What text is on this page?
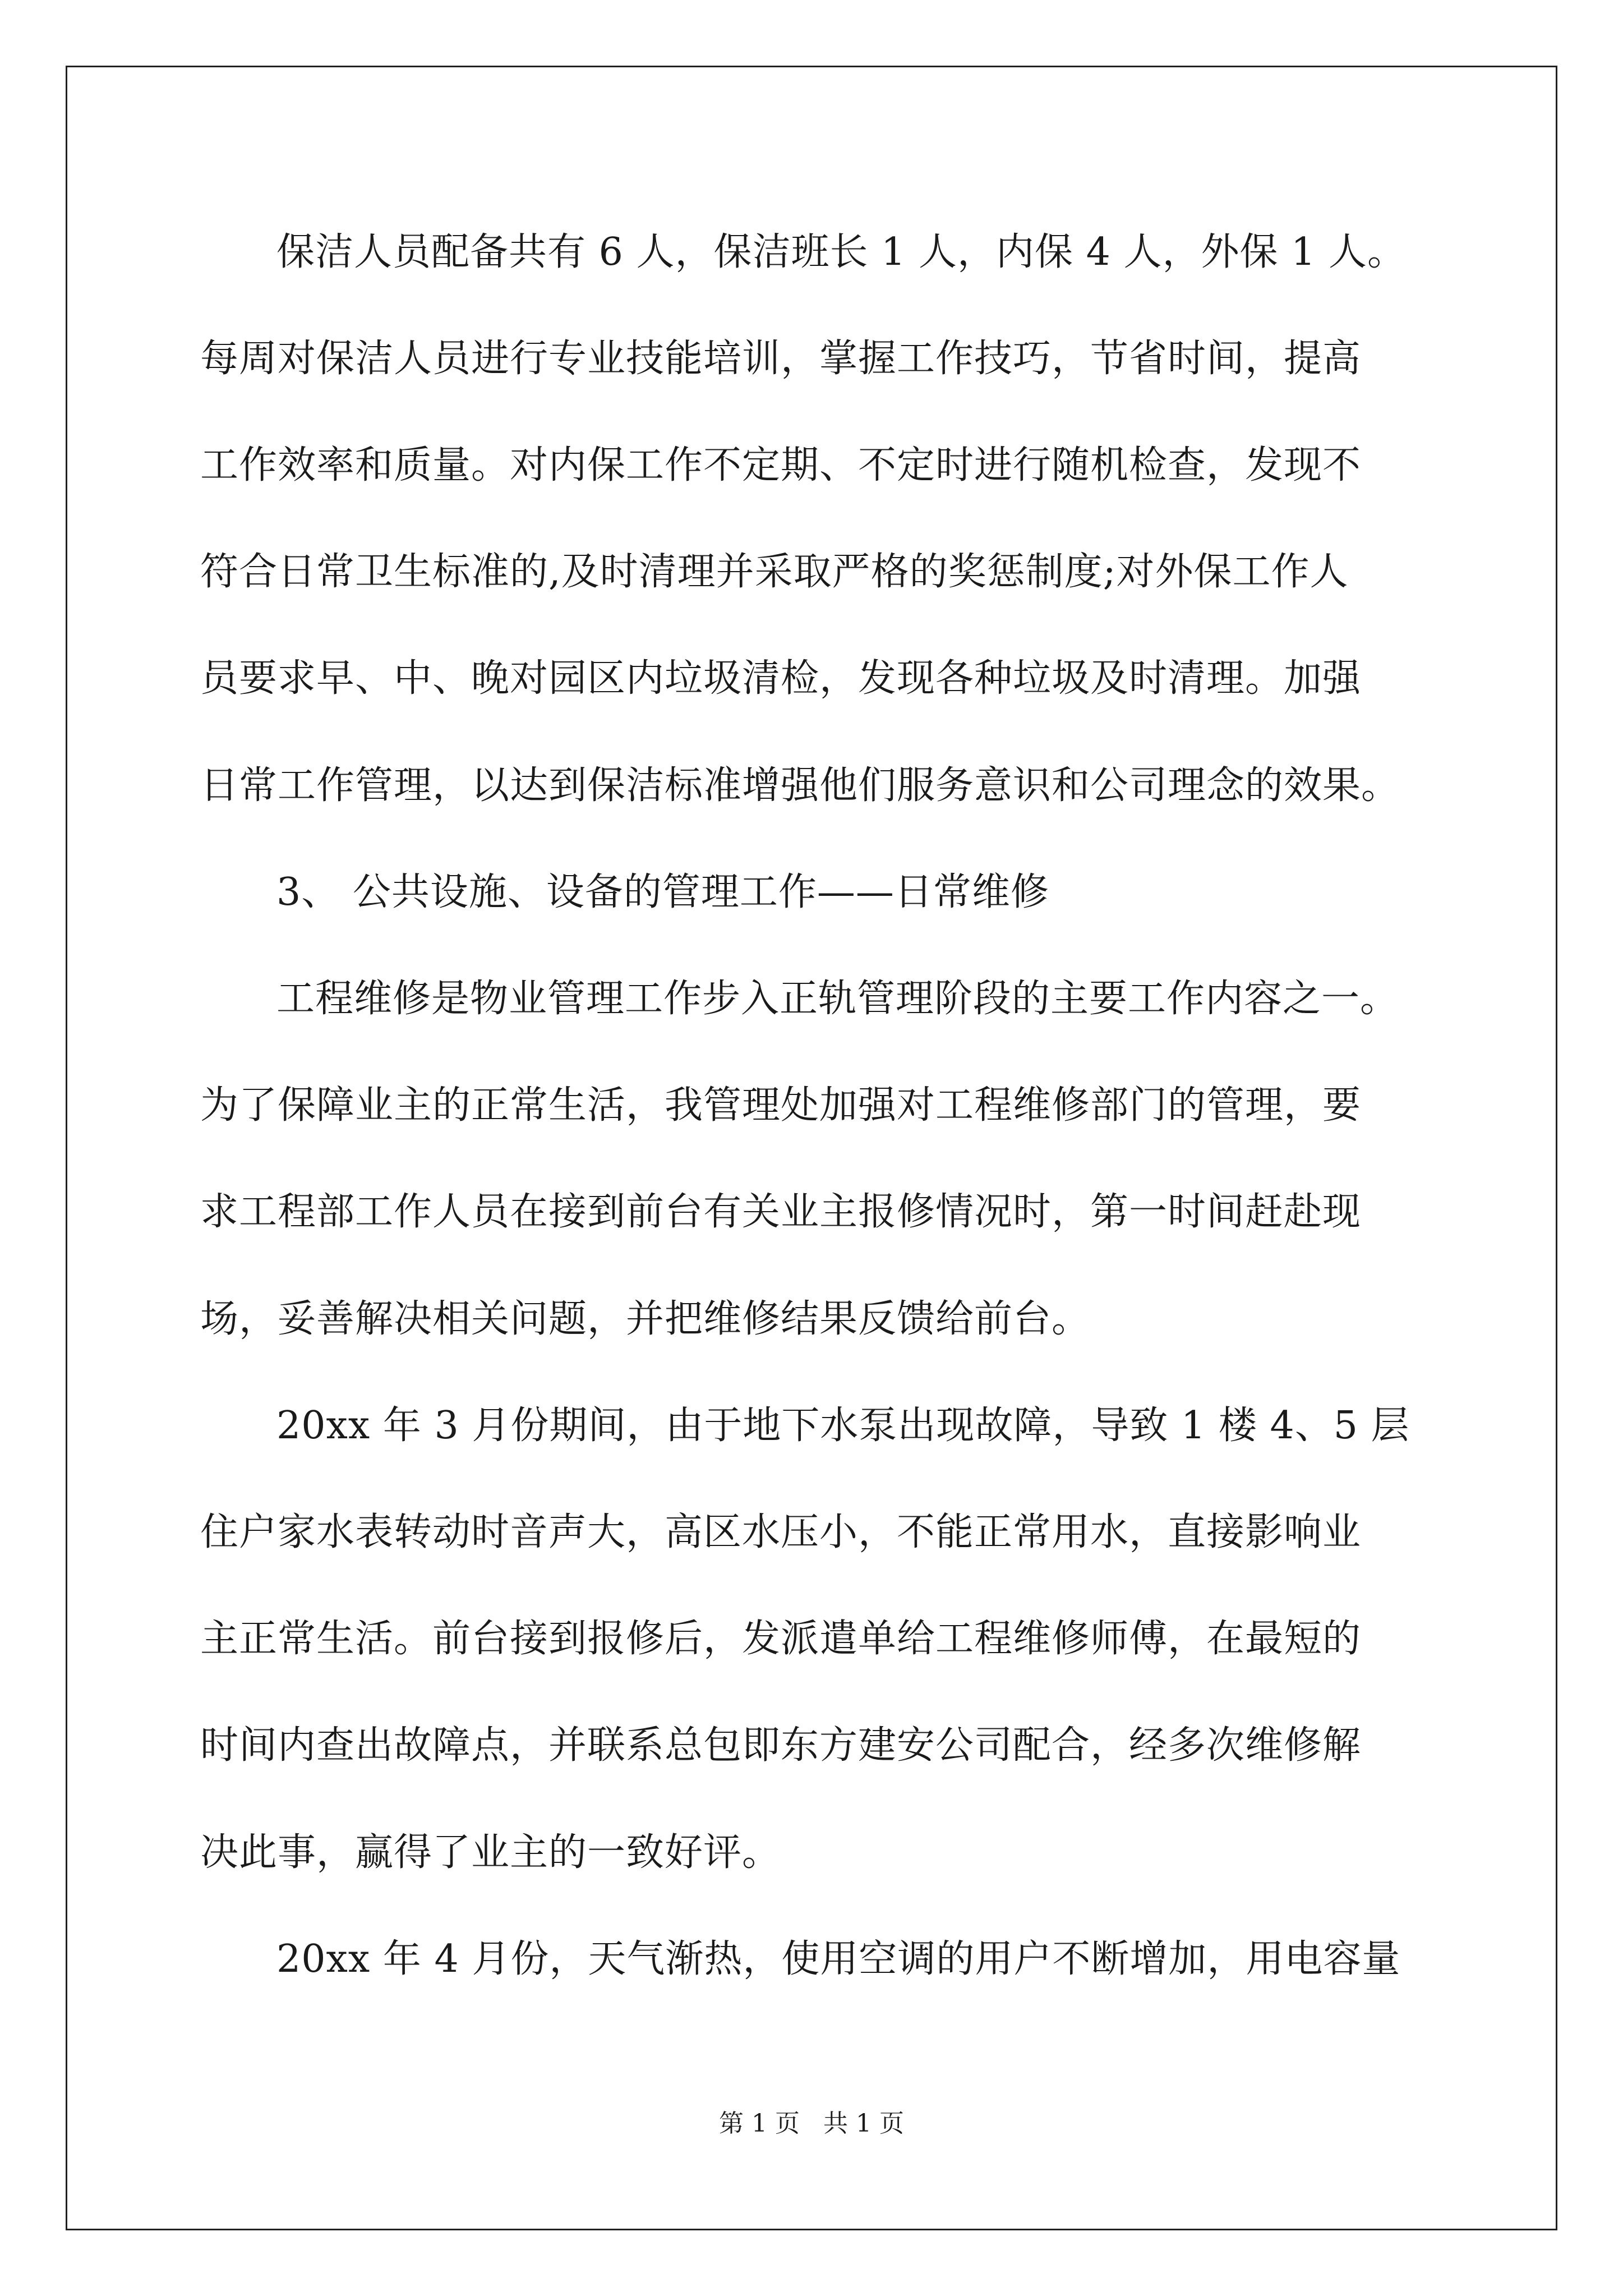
保洁人员配备共有 6 人，保洁班长 1 人，内保 4 人，外保 1 人。
每周对保洁人员进行专业技能培训，掌握工作技巧，节省时间，提高
工作效率和质量。对内保工作不定期、不定时进行随机检查，发现不
符合日常卫生标准的,及时清理并采取严格的奖惩制度;对外保工作人
员要求早、中、晚对园区内垃圾清检，发现各种垃圾及时清理。加强
日常工作管理，以达到保洁标准增强他们服务意识和公司理念的效果。
3、 公共设施、设备的管理工作——日常维修
工程维修是物业管理工作步入正轨管理阶段的主要工作内容之一。
为了保障业主的正常生活，我管理处加强对工程维修部门的管理，要
求工程部工作人员在接到前台有关业主报修情况时，第一时间赶赴现
场，妥善解决相关问题，并把维修结果反馈给前台。
20xx 年 3 月份期间，由于地下水泵出现故障，导致 1 楼 4、5 层
住户家水表转动时音声大，高区水压小，不能正常用水，直接影响业
主正常生活。前台接到报修后，发派遣单给工程维修师傅，在最短的
时间内查出故障点，并联系总包即东方建安公司配合，经多次维修解
决此事，赢得了业主的一致好评。
20xx 年 4 月份，天气渐热，使用空调的用户不断增加，用电容量
第 1 页   共 1 页
